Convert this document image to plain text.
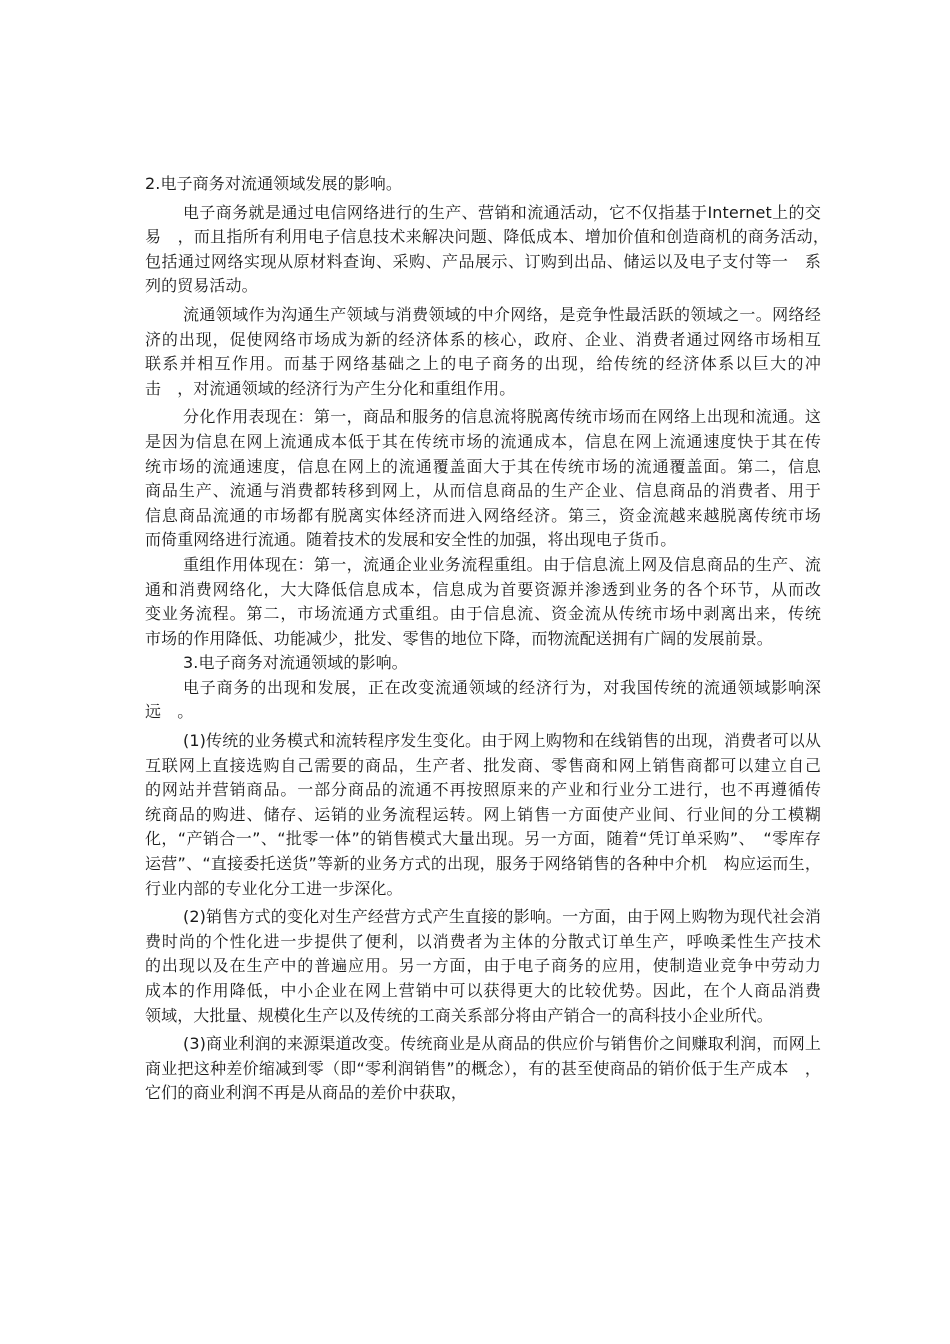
2.电子商务对流通领域发展的影响。

电子商务就是通过电信网络进行的生产、营销和流通活动，它不仅指基于Internet上的交　易　，而且指所有利用电子信息技术来解决问题、降低成本、增加价值和创造商机的商务活动，　包括通过网络实现从原材料查询、采购、产品展示、订购到出品、储运以及电子支付等一　系列的贸易活动。

流通领域作为沟通生产领域与消费领域的中介网络，是竞争性最活跃的领域之一。网络经　济的出现，促使网络市场成为新的经济体系的核心，政府、企业、消费者通过网络市场相互　联系并相互作用。而基于网络基础之上的电子商务的出现，给传统的经济体系以巨大的冲击　，对流通领域的经济行为产生分化和重组作用。

分化作用表现在：第一，商品和服务的信息流将脱离传统市场而在网络上出现和流通。这　是因为信息在网上流通成本低于其在传统市场的流通成本，信息在网上流通速度快于其在传　统市场的流通速度，信息在网上的流通覆盖面大于其在传统市场的流通覆盖面。第二，信息　商品生产、流通与消费都转移到网上，从而信息商品的生产企业、信息商品的消费者、用于　信息商品流通的市场都有脱离实体经济而进入网络经济。第三，资金流越来越脱离传统市场　而倚重网络进行流通。随着技术的发展和安全性的加强，将出现电子货币。

重组作用体现在：第一，流通企业业务流程重组。由于信息流上网及信息商品的生产、流　通和消费网络化，大大降低信息成本，信息成为首要资源并渗透到业务的各个环节，从而改　变业务流程。第二，市场流通方式重组。由于信息流、资金流从传统市场中剥离出来，传统　市场的作用降低、功能减少，批发、零售的地位下降，而物流配送拥有广阔的发展前景。

3.电子商务对流通领域的影响。

电子商务的出现和发展，正在改变流通领域的经济行为，对我国传统的流通领域影响深远　。

(1)传统的业务模式和流转程序发生变化。由于网上购物和在线销售的出现，消费者可以从　互联网上直接选购自己需要的商品，生产者、批发商、零售商和网上销售商都可以建立自己　的网站并营销商品。一部分商品的流通不再按照原来的产业和行业分工进行，也不再遵循传　统商品的购进、储存、运销的业务流程运转。网上销售一方面使产业间、行业间的分工模糊　化，“产销合一”、“批零一体”的销售模式大量出现。另一方面，随着“凭订单采购”、　“零库存运营”、“直接委托送货”等新的业务方式的出现，服务于网络销售的各种中介机　构应运而生，行业内部的专业化分工进一步深化。

(2)销售方式的变化对生产经营方式产生直接的影响。一方面，由于网上购物为现代社会消　费时尚的个性化进一步提供了便利，以消费者为主体的分散式订单生产，呼唤柔性生产技术　的出现以及在生产中的普遍应用。另一方面，由于电子商务的应用，使制造业竞争中劳动力　成本的作用降低，中小企业在网上营销中可以获得更大的比较优势。因此，在个人商品消费　领域，大批量、规模化生产以及传统的工商关系部分将由产销合一的高科技小企业所代。

(3)商业利润的来源渠道改变。传统商业是从商品的供应价与销售价之间赚取利润，而网上　商业把这种差价缩减到零（即“零利润销售”的概念），有的甚至使商品的销价低于生产成本　，它们的商业利润不再是从商品的差价中获取，
